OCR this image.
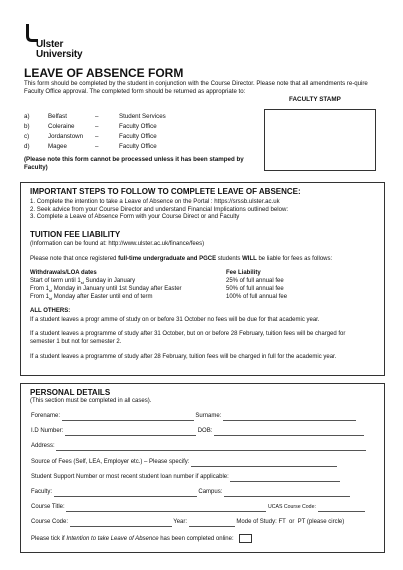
Ulster
University
LEAVE OF ABSENCE FORM
This form should be completed by the student in conjunction with the Course Director. Please note that all amendments re-quire Faculty Office approval. The completed form should be returned as appropriate to:
FACULTY STAMP
a)	Belfast	–	Student Services
b)	Coleraine	–	Faculty Office
c)	Jordanstown	–	Faculty Office
d)	Magee	–	Faculty Office
(Please note this form cannot be processed unless it has been stamped by Faculty)
IMPORTANT STEPS TO FOLLOW TO COMPLETE LEAVE OF ABSENCE:
1. Complete the intention to take a Leave of Absence on the Portal : https://srssb.ulster.ac.uk
2. Seek advice from your Course Director and understand Financial Implications outlined below:
3. Complete a Leave of Absence Form with your Course Direct or and Faculty
TUITION FEE LIABILITY
(Information can be found at: http://www.ulster.ac.uk/finance/fees)
Please note that once registered full-time undergraduate and PGCE students WILL be liable for fees as follows:
Withdrawals/LOA dates	Fee Liability
Start of term until $1_{st}$ Sunday in January	25% of full annual fee
From $1_{st}$ Monday in January until 1st Sunday after Easter	50% of full annual fee
From $1_{st}$ Monday after Easter until end of term	100% of full annual fee
ALL OTHERS:
If a student leaves a progr amme of study on or before 31 October no fees will be due for that academic year.
If a student leaves a programme of study after 31 October, but on or before 28 February, tuition fees will be charged for semester 1 but not for semester 2.
If a student leaves a programme of study after 28 February, tuition fees will be charged in full for the academic year.
PERSONAL DETAILS
(This section must be completed in all cases).
Forename:	Surname:
I.D Number:	DOB:
Address:
Source of Fees (Self, LEA, Employer etc.) – Please specify:
Student Support Number or most recent student loan number if applicable:
Faculty:	Campus:
Course Title:	UCAS Course Code:
Course Code:	Year:	Mode of Study: FT  or  PT (please circle)
Please tick if Intention to take Leave of Absence has been completed online:
